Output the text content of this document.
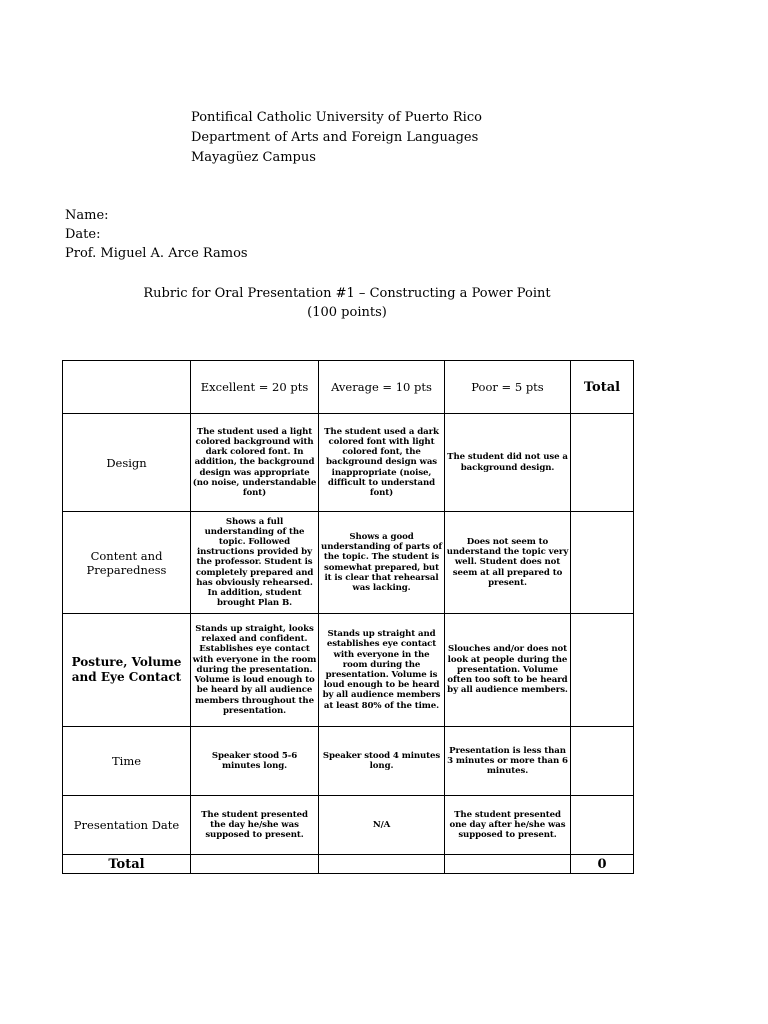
Pontifical Catholic University of Puerto Rico
Department of Arts and Foreign Languages
Mayagüez Campus
Name:
Date:
Prof. Miguel A. Arce Ramos
Rubric for Oral Presentation #1 – Constructing a Power Point
(100 points)
	Excellent = 20 pts	Average = 10 pts	Poor = 5 pts	Total
Design	The student used a light colored background with dark colored font. In addition, the background design was appropriate (no noise, understandable font)	The student used a dark colored font with light colored font, the background design was inappropriate (noise, difficult to understand font)	The student did not use a background design.	
Content and Preparedness	Shows a full understanding of the topic. Followed instructions provided by the professor. Student is completely prepared and has obviously rehearsed. In addition, student brought Plan B.	Shows a good understanding of parts of the topic. The student is somewhat prepared, but it is clear that rehearsal was lacking.	Does not seem to understand the topic very well. Student does not seem at all prepared to present.	
Posture, Volume and Eye Contact	Stands up straight, looks relaxed and confident. Establishes eye contact with everyone in the room during the presentation. Volume is loud enough to be heard by all audience members throughout the presentation.	Stands up straight and establishes eye contact with everyone in the room during the presentation. Volume is loud enough to be heard by all audience members at least 80% of the time.	Slouches and/or does not look at people during the presentation. Volume often too soft to be heard by all audience members.	
Time	Speaker stood 5-6 minutes long.	Speaker stood 4 minutes long.	Presentation is less than 3 minutes or more than 6 minutes.	
Presentation Date	The student presented the day he/she was supposed to present.	N/A	The student presented one day after he/she was supposed to present.	
Total				0
